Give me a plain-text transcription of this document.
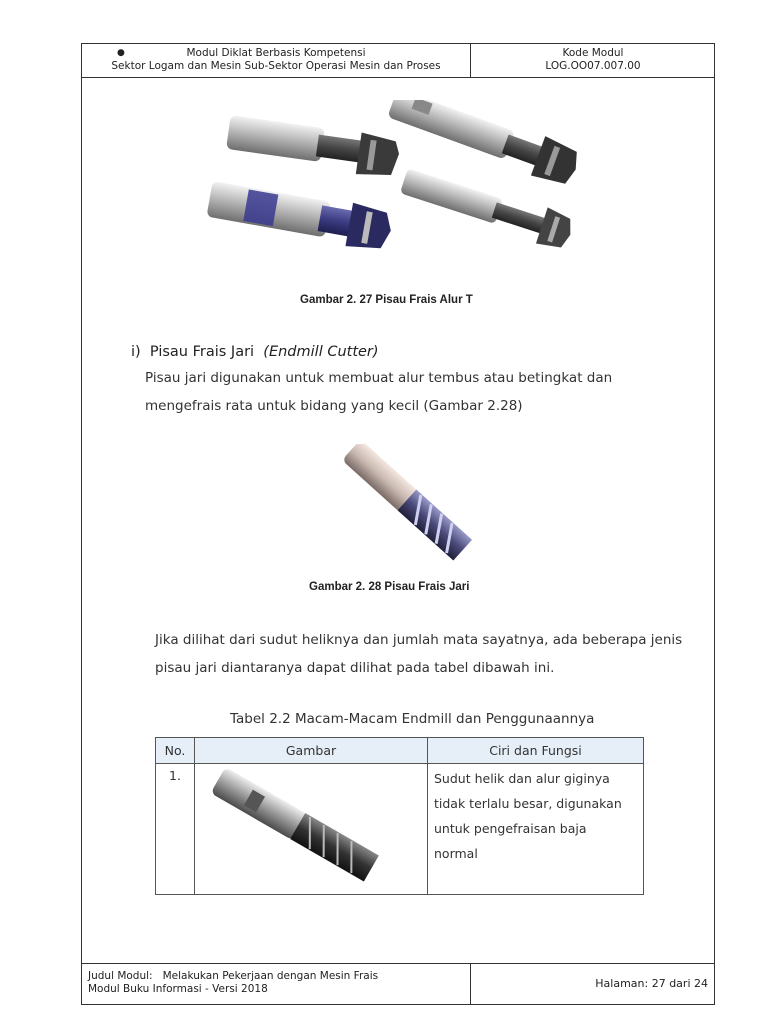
●	Modul Diklat Berbasis Kompetensi
Sektor Logam dan Mesin Sub-Sektor Operasi Mesin dan Proses
Kode Modul
LOG.OO07.007.00
Judul Modul: Melakukan Pekerjaan dengan Mesin Frais
Modul Buku Informasi - Versi 2018	Halaman: 27 dari 24
Gambar 2. 27 Pisau Frais Alur T
i) Pisau Frais Jari (Endmill Cutter)
Pisau jari digunakan untuk membuat alur tembus atau betingkat dan
mengefrais rata untuk bidang yang kecil (Gambar 2.28)
Gambar 2. 28 Pisau Frais Jari
Jika dilihat dari sudut heliknya dan jumlah mata sayatnya, ada beberapa jenis
pisau jari diantaranya dapat dilihat pada tabel dibawah ini.
Tabel 2.2 Macam-Macam Endmill dan Penggunaannya
No.	Gambar	Ciri dan Fungsi
1.		Sudut helik dan alur giginya
tidak terlalu besar, digunakan
untuk pengefraisan baja
normal
